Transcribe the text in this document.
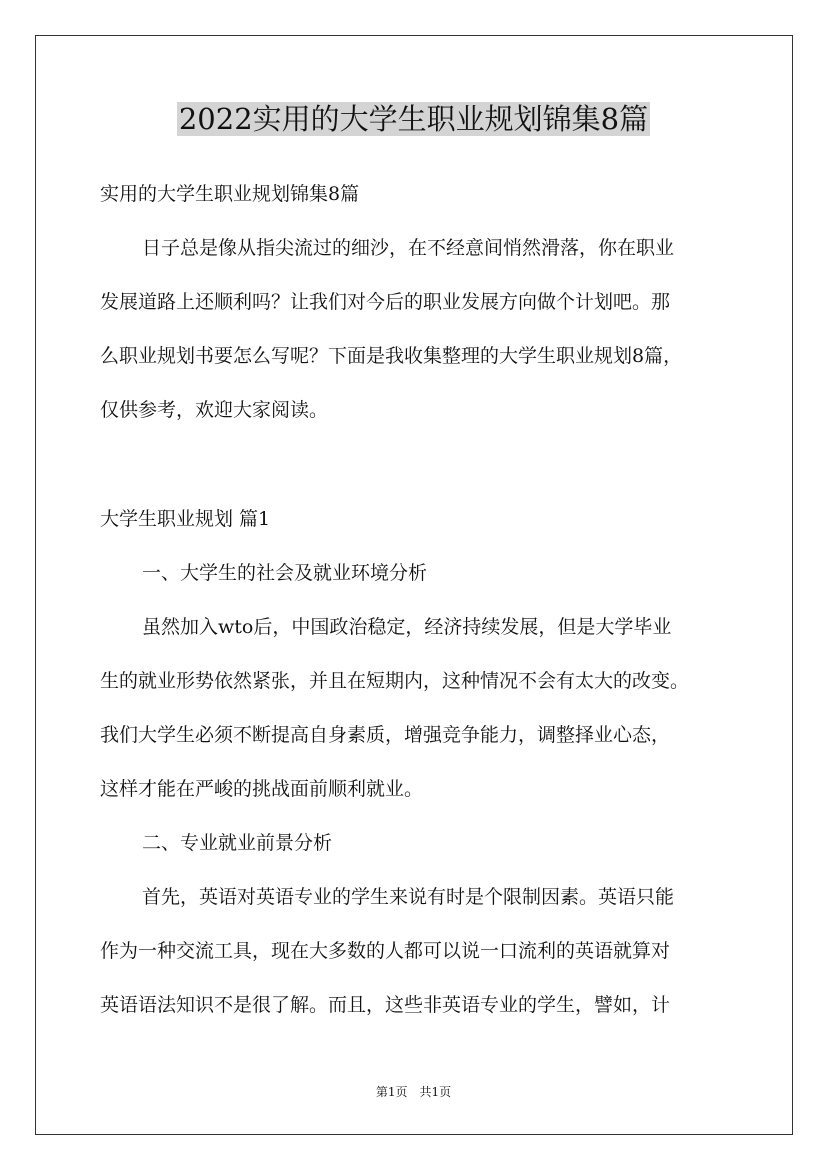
2022实用的大学生职业规划锦集8篇
实用的大学生职业规划锦集8篇
日子总是像从指尖流过的细沙，在不经意间悄然滑落，你在职业
发展道路上还顺利吗？让我们对今后的职业发展方向做个计划吧。那
么职业规划书要怎么写呢？下面是我收集整理的大学生职业规划8篇，
仅供参考，欢迎大家阅读。
大学生职业规划 篇1
一、大学生的社会及就业环境分析
虽然加入wto后，中国政治稳定，经济持续发展，但是大学毕业
生的就业形势依然紧张，并且在短期内，这种情况不会有太大的改变。
我们大学生必须不断提高自身素质，增强竞争能力，调整择业心态，
这样才能在严峻的挑战面前顺利就业。
二、专业就业前景分析
首先，英语对英语专业的学生来说有时是个限制因素。英语只能
作为一种交流工具，现在大多数的人都可以说一口流利的英语就算对
英语语法知识不是很了解。而且，这些非英语专业的学生，譬如，计
第1页　共1页
